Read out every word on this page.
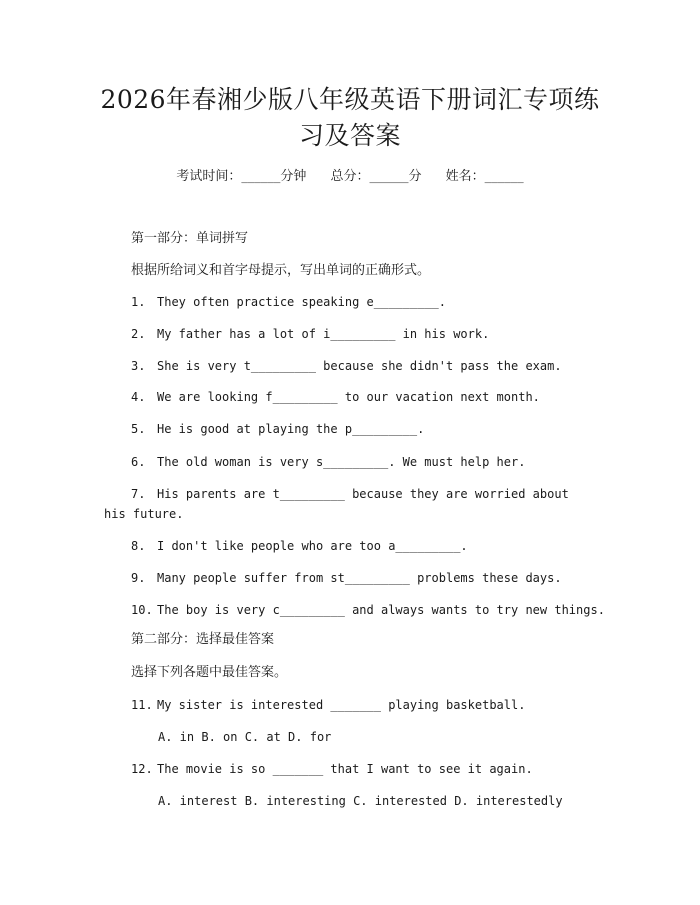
2026年春湘少版八年级英语下册词汇专项练
习及答案
考试时间：______分钟 总分：______分 姓名：______
第一部分：单词拼写
根据所给词义和首字母提示，写出单词的正确形式。
1. They often practice speaking e_________.
2. My father has a lot of i_________ in his work.
3. She is very t_________ because she didn't pass the exam.
4. We are looking f_________ to our vacation next month.
5. He is good at playing the p_________.
6. The old woman is very s_________. We must help her.
7. His parents are t_________ because they are worried about his future.
8. I don't like people who are too a_________.
9. Many people suffer from st_________ problems these days.
10. The boy is very c_________ and always wants to try new things.
第二部分：选择最佳答案
选择下列各题中最佳答案。
11. My sister is interested _______ playing basketball.
A. in B. on C. at D. for
12. The movie is so _______ that I want to see it again.
A. interest B. interesting C. interested D. interestedly
